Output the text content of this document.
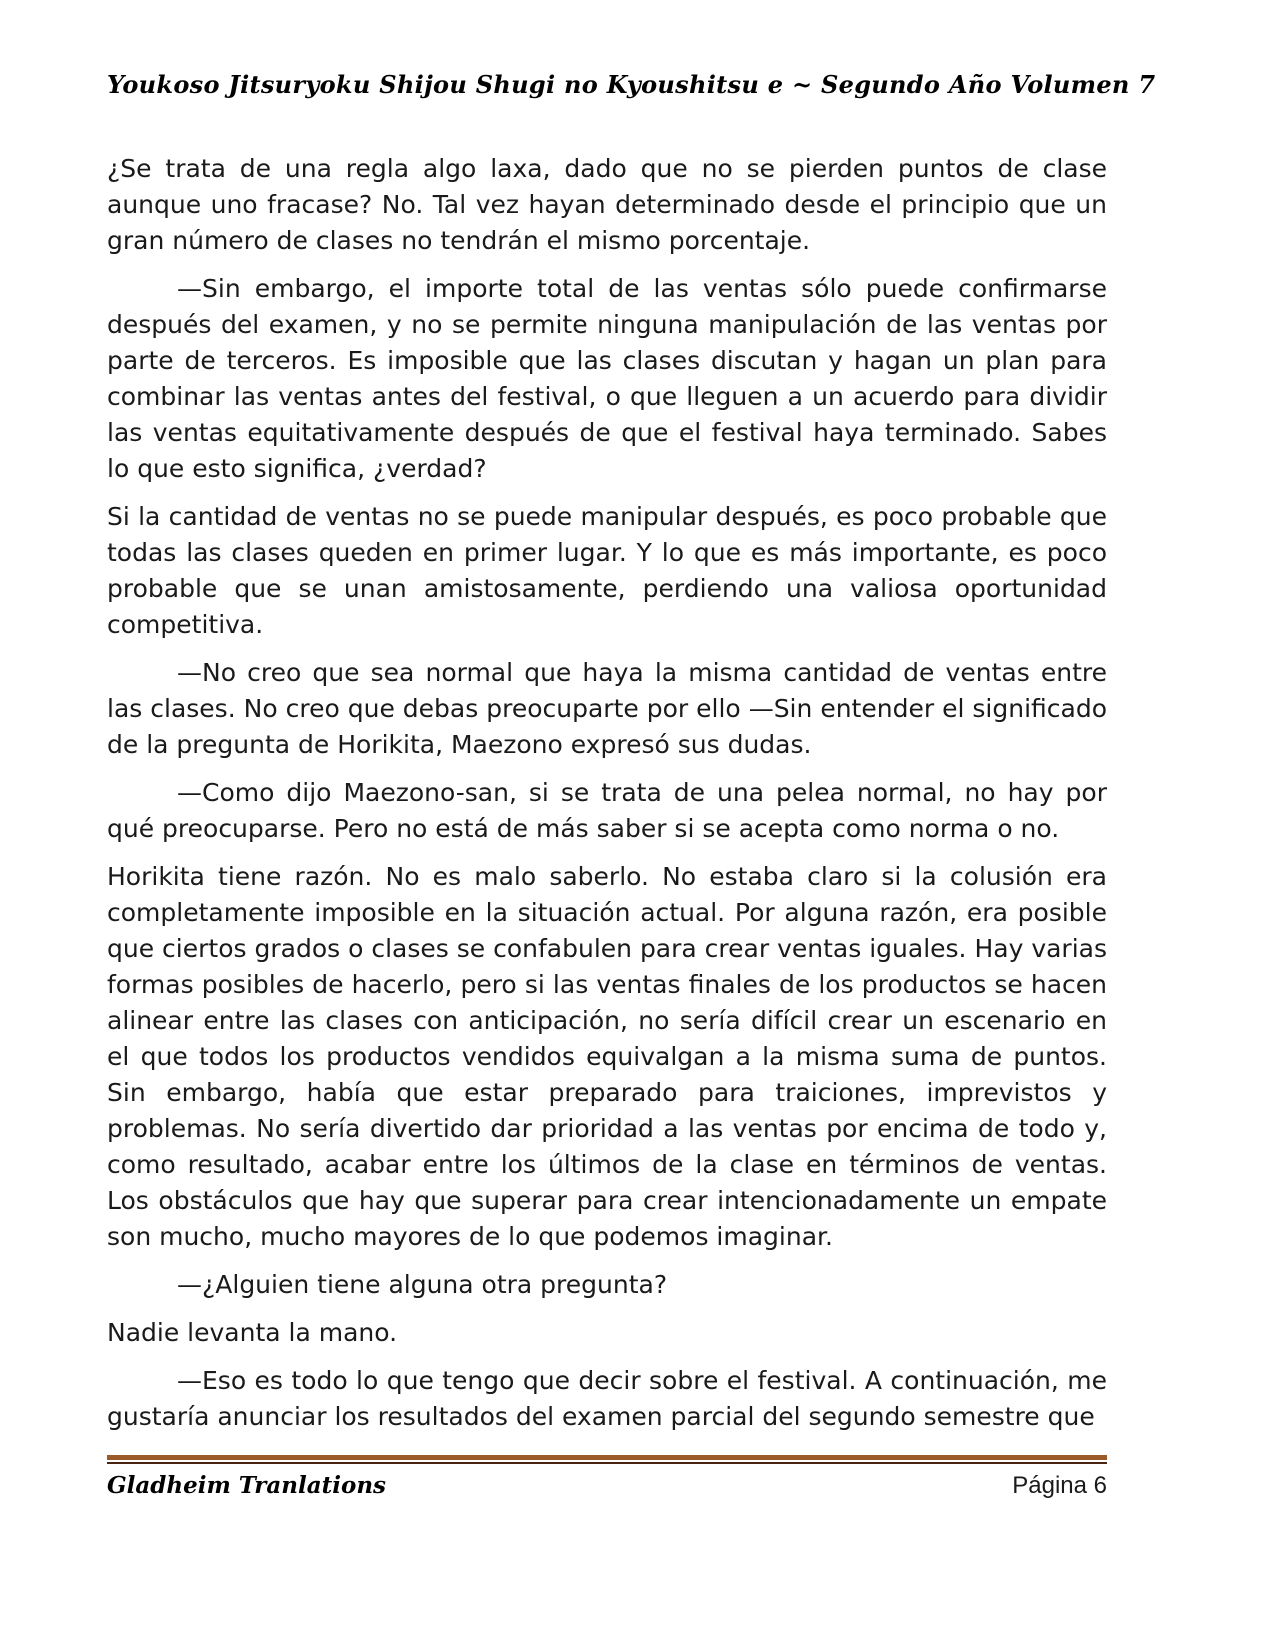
Youkoso Jitsuryoku Shijou Shugi no Kyoushitsu e ~ Segundo Año Volumen 7

¿Se trata de una regla algo laxa, dado que no se pierden puntos de clase aunque uno fracase? No. Tal vez hayan determinado desde el principio que un gran número de clases no tendrán el mismo porcentaje.

—Sin embargo, el importe total de las ventas sólo puede confirmarse después del examen, y no se permite ninguna manipulación de las ventas por parte de terceros. Es imposible que las clases discutan y hagan un plan para combinar las ventas antes del festival, o que lleguen a un acuerdo para dividir las ventas equitativamente después de que el festival haya terminado. Sabes lo que esto significa, ¿verdad?

Si la cantidad de ventas no se puede manipular después, es poco probable que todas las clases queden en primer lugar. Y lo que es más importante, es poco probable que se unan amistosamente, perdiendo una valiosa oportunidad competitiva.

—No creo que sea normal que haya la misma cantidad de ventas entre las clases. No creo que debas preocuparte por ello —Sin entender el significado de la pregunta de Horikita, Maezono expresó sus dudas.

—Como dijo Maezono-san, si se trata de una pelea normal, no hay por qué preocuparse. Pero no está de más saber si se acepta como norma o no.

Horikita tiene razón. No es malo saberlo. No estaba claro si la colusión era completamente imposible en la situación actual. Por alguna razón, era posible que ciertos grados o clases se confabulen para crear ventas iguales. Hay varias formas posibles de hacerlo, pero si las ventas finales de los productos se hacen alinear entre las clases con anticipación, no sería difícil crear un escenario en el que todos los productos vendidos equivalgan a la misma suma de puntos. Sin embargo, había que estar preparado para traiciones, imprevistos y problemas. No sería divertido dar prioridad a las ventas por encima de todo y, como resultado, acabar entre los últimos de la clase en términos de ventas. Los obstáculos que hay que superar para crear intencionadamente un empate son mucho, mucho mayores de lo que podemos imaginar.

—¿Alguien tiene alguna otra pregunta?

Nadie levanta la mano.

—Eso es todo lo que tengo que decir sobre el festival. A continuación, me gustaría anunciar los resultados del examen parcial del segundo semestre que

Gladheim Tranlations	Página 6
